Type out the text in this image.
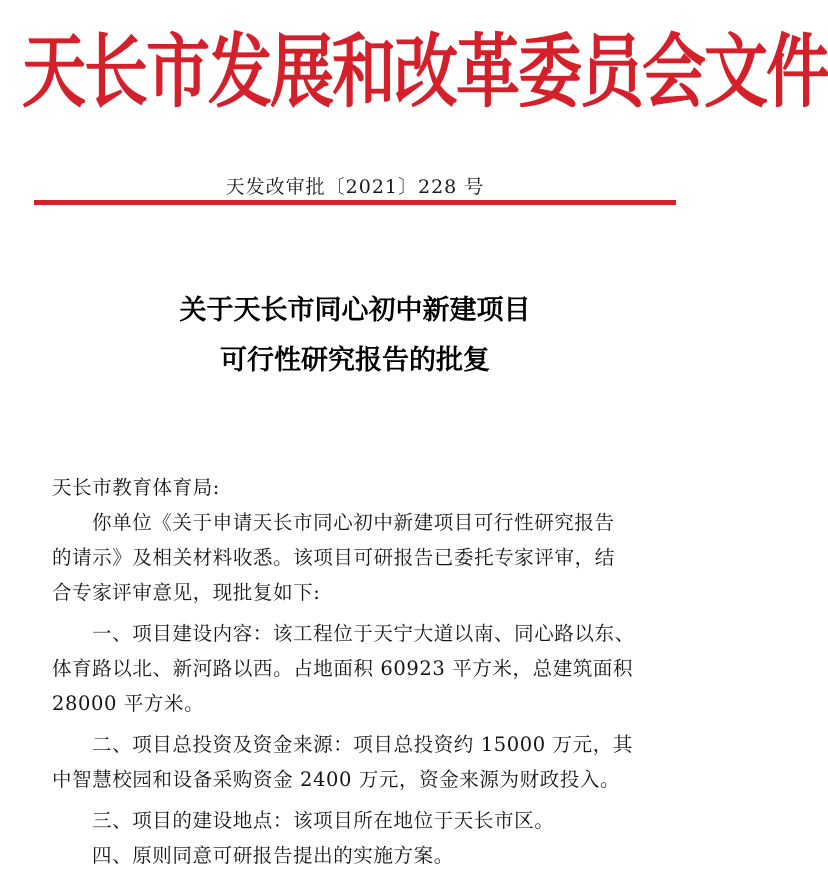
天长市发展和改革委员会文件
天发改审批〔2021〕228 号
关于天长市同心初中新建项目
可行性研究报告的批复

天长市教育体育局:

你单位《关于申请天长市同心初中新建项目可行性研究报告

的请示》及相关材料收悉。该项目可研报告已委托专家评审，结

合专家评审意见，现批复如下:

一、项目建设内容：该工程位于天宁大道以南、同心路以东、

体育路以北、新河路以西。占地面积 60923 平方米，总建筑面积

28000 平方米。

二、项目总投资及资金来源：项目总投资约 15000 万元，其

中智慧校园和设备采购资金 2400 万元，资金来源为财政投入。

三、项目的建设地点：该项目所在地位于天长市区。

四、原则同意可研报告提出的实施方案。
